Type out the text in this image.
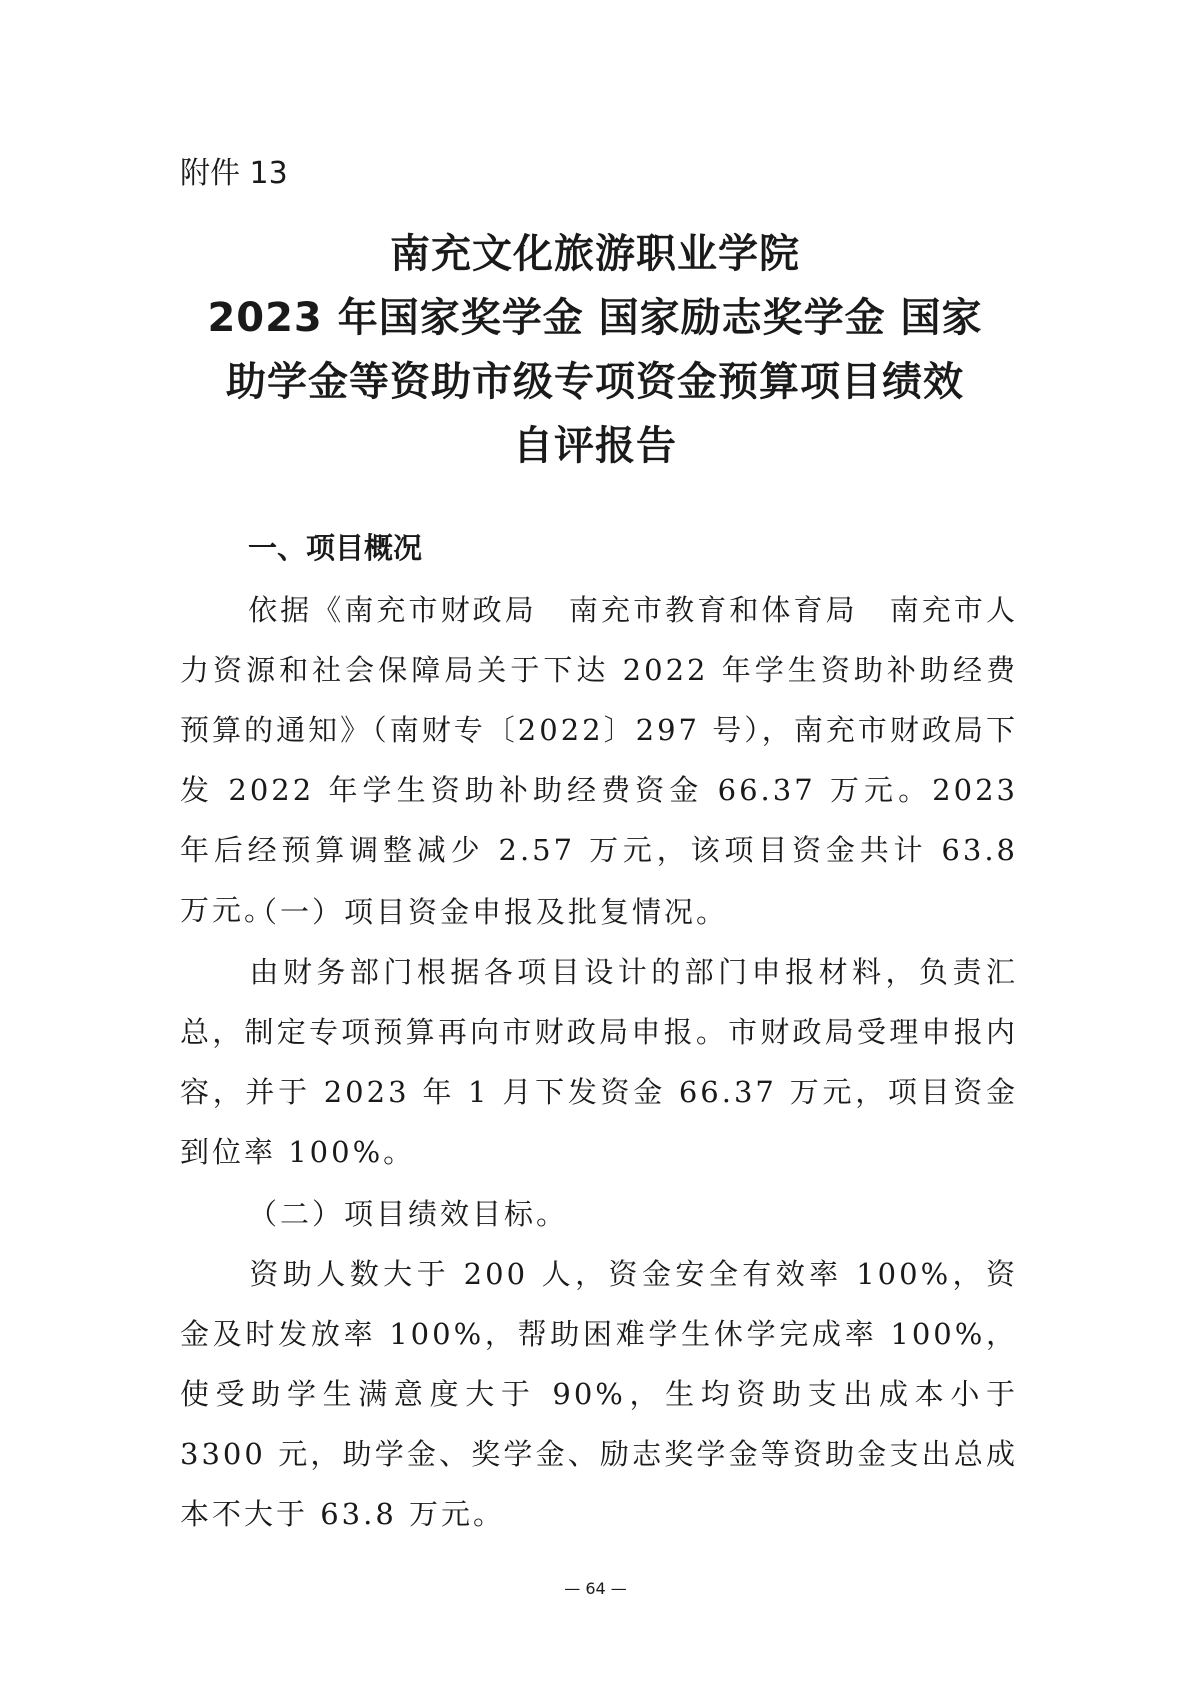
附件 13
南充文化旅游职业学院
2023 年国家奖学金 国家励志奖学金 国家
助学金等资助市级专项资金预算项目绩效
自评报告
一、项目概况
依据《南充市财政局　南充市教育和体育局　南充市人力资源和社会保障局关于下达 2022 年学生资助补助经费预算的通知》（南财专〔2022〕297 号），南充市财政局下发 2022 年学生资助补助经费资金 66.37 万元。2023 年后经预算调整减少 2.57 万元，该项目资金共计 63.8 万元。
（一）项目资金申报及批复情况。
由财务部门根据各项目设计的部门申报材料，负责汇总，制定专项预算再向市财政局申报。市财政局受理申报内容，并于 2023 年 1 月下发资金 66.37 万元，项目资金到位率 100%。
（二）项目绩效目标。
资助人数大于 200 人，资金安全有效率 100%，资金及时发放率 100%，帮助困难学生休学完成率 100%，使受助学生满意度大于 90%，生均资助支出成本小于 3300 元，助学金、奖学金、励志奖学金等资助金支出总成本不大于 63.8 万元。
— 64 —
